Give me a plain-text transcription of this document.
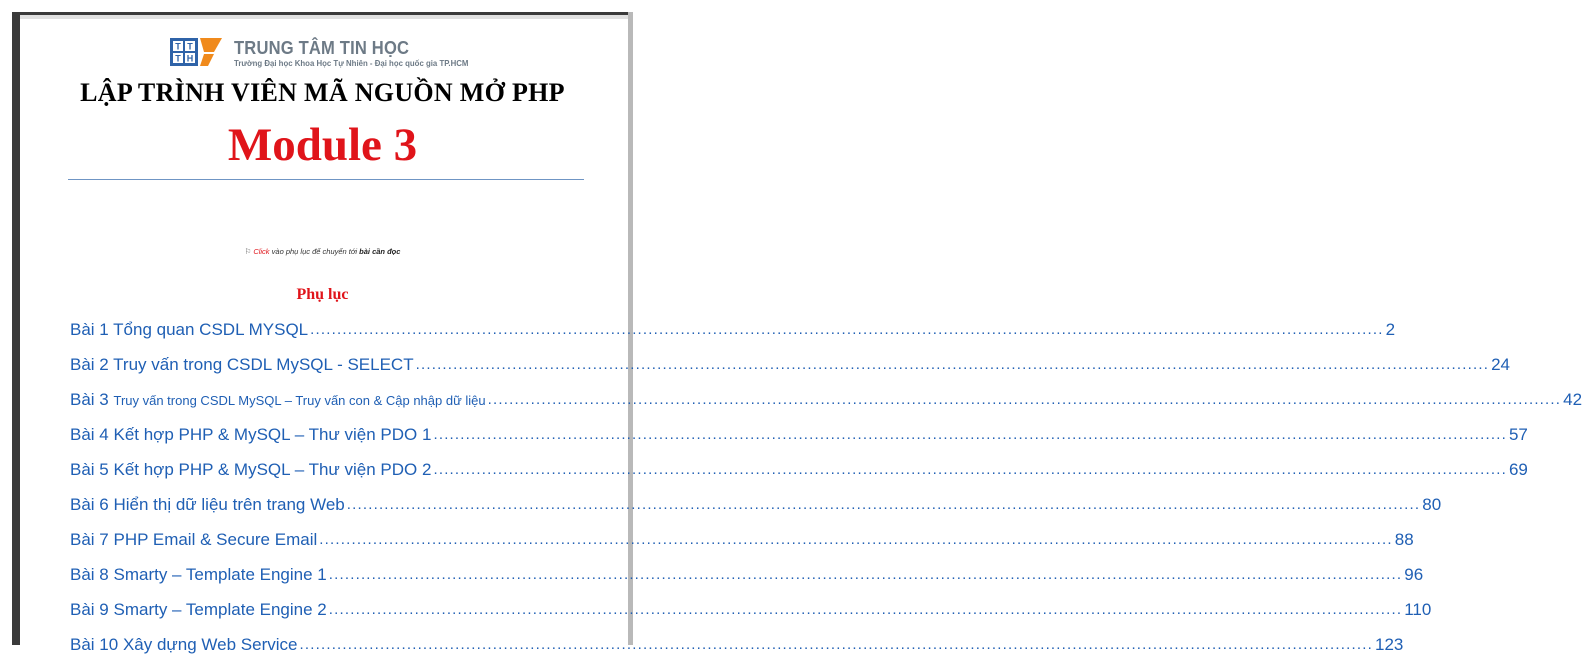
T T
T H
TRUNG TÂM TIN HỌC
Trường Đại học Khoa Học Tự Nhiên - Đại học quốc gia TP.HCM
LẬP TRÌNH VIÊN MÃ NGUỒN MỞ PHP
Module 3
⚐ Click vào phụ lục để chuyển tới bài cần đọc
Phụ lục
Bài 1 Tổng quan CSDL MYSQL ........................................................................................................................................................................................................ 2
Bài 2 Truy vấn trong CSDL MySQL - SELECT ........................................................................................................................................................................................................ 24
Bài 3 Truy vấn trong CSDL MySQL – Truy vấn con & Cập nhập dữ liệu ........................................................................................................................................................................................................ 42
Bài 4 Kết hợp PHP & MySQL – Thư viện PDO 1 ........................................................................................................................................................................................................ 57
Bài 5 Kết hợp PHP & MySQL – Thư viện PDO 2 ........................................................................................................................................................................................................ 69
Bài 6 Hiển thị dữ liệu trên trang Web ........................................................................................................................................................................................................ 80
Bài 7 PHP Email & Secure Email ........................................................................................................................................................................................................ 88
Bài 8 Smarty – Template Engine 1 ........................................................................................................................................................................................................ 96
Bài 9 Smarty – Template Engine 2 ........................................................................................................................................................................................................ 110
Bài 10 Xây dựng Web Service ........................................................................................................................................................................................................ 123
